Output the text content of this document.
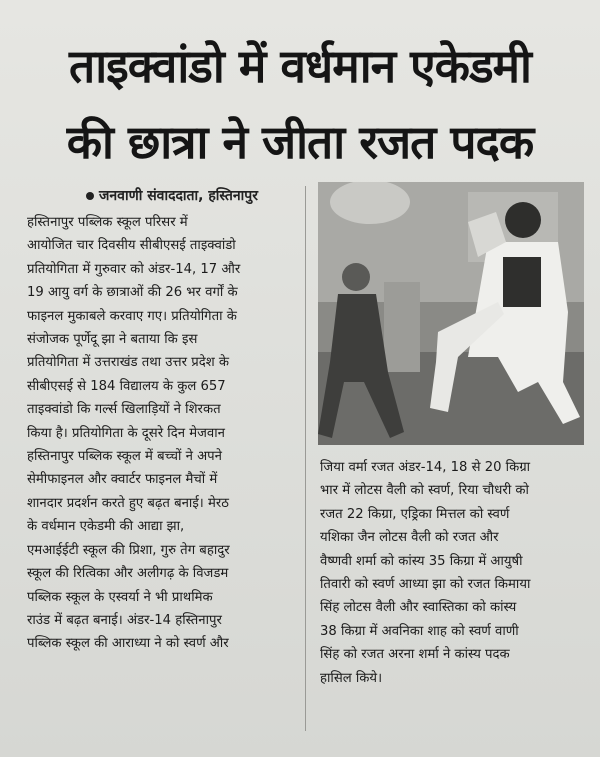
ताइक्वांडो में वर्धमान एकेडमी
की छात्रा ने जीता रजत पदक
जनवाणी संवाददाता, हस्तिनापुर

हस्तिनापुर पब्लिक स्कूल परिसर में

आयोजित चार दिवसीय सीबीएसई ताइक्वांडो

प्रतियोगिता में गुरुवार को अंडर-14, 17 और

19 आयु वर्ग के छात्राओं की 26 भर वर्गों के

फाइनल मुकाबले करवाए गए। प्रतियोगिता के

संजोजक पूर्णेदू झा ने बताया कि इस

प्रतियोगिता में उत्तराखंड तथा उत्तर प्रदेश के

सीबीएसई से 184 विद्यालय के कुल 657

ताइक्वांडो कि गर्ल्स खिलाड़ियों ने शिरकत

किया है। प्रतियोगिता के दूसरे दिन मेजवान

हस्तिनापुर पब्लिक स्कूल में बच्चों ने अपने

सेमीफाइनल और क्वार्टर फाइनल मैचों में

शानदार प्रदर्शन करते हुए बढ़त बनाई। मेरठ

के वर्धमान एकेडमी की आद्या झा,

एमआईईटी स्कूल की प्रिशा, गुरु तेग बहादुर

स्कूल की रित्विका और अलीगढ़ के विजडम

पब्लिक स्कूल के एस्वर्या ने भी प्राथमिक

राउंड में बढ़त बनाई। अंडर-14 हस्तिनापुर

पब्लिक स्कूल की आराध्या ने को स्वर्ण और

जिया वर्मा रजत अंडर-14, 18 से 20 किग्रा

भार में लोटस वैली को स्वर्ण, रिया चौधरी को

रजत 22 किग्रा, एड्रिका मित्तल को स्वर्ण

यशिका जैन लोटस वैली को रजत और

वैष्णवी शर्मा को कांस्य 35 किग्रा में आयुषी

तिवारी को स्वर्ण आध्या झा को रजत किमाया

सिंह लोटस वैली और स्वास्तिका को कांस्य

38 किग्रा में अवनिका शाह को स्वर्ण वाणी

सिंह को रजत अरना शर्मा ने कांस्य पदक

हासिल किये।
